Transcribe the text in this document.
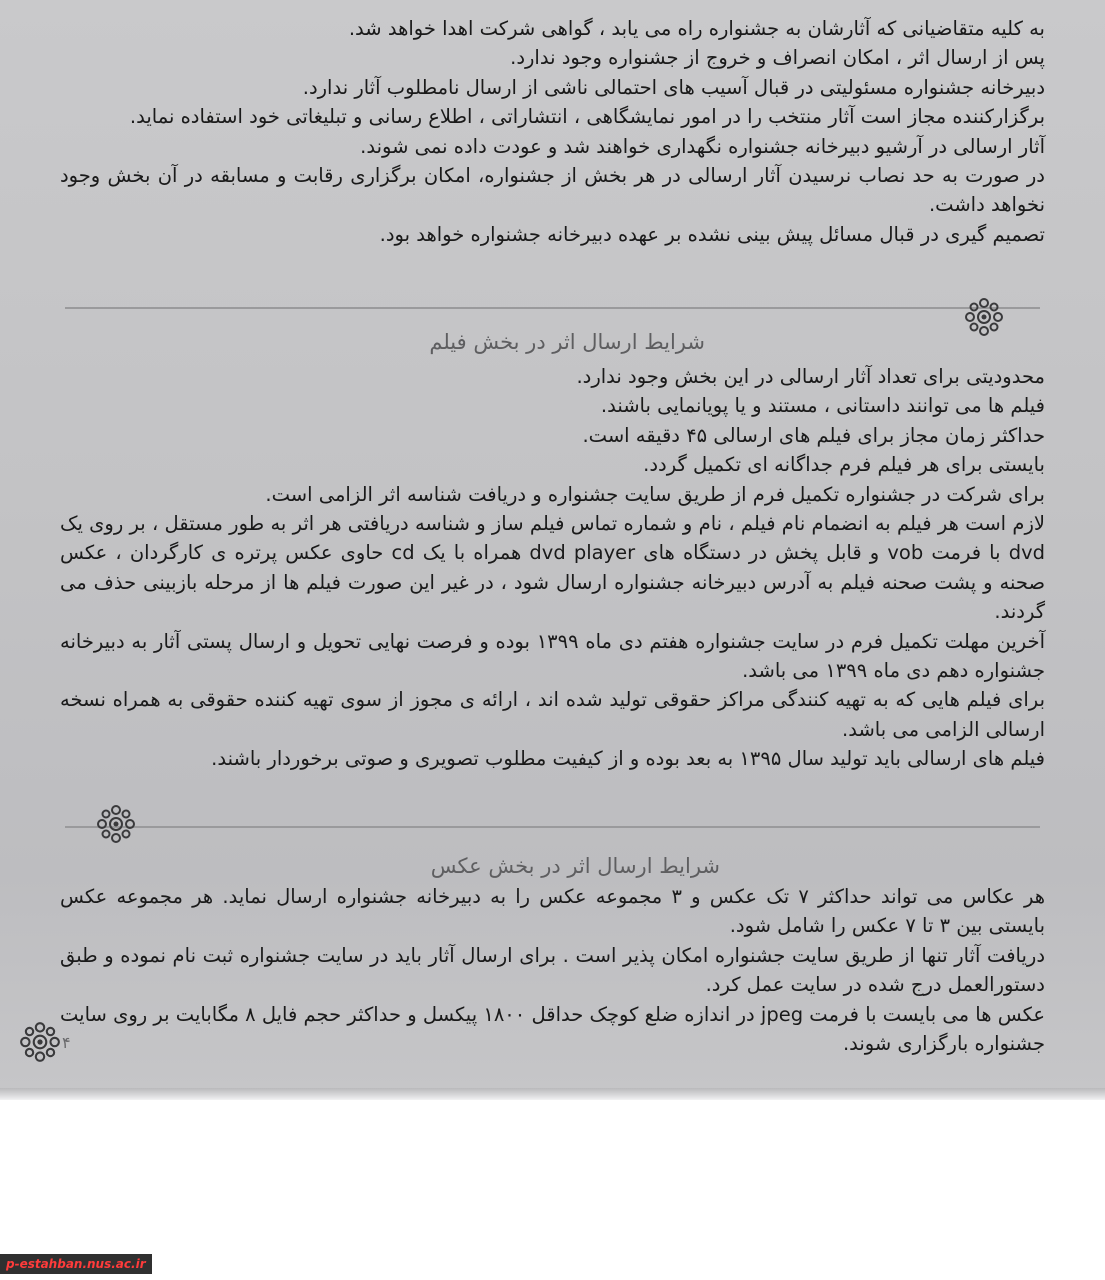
به کلیه متقاضیانی که آثارشان به جشنواره راه می یابد ، گواهی شرکت اهدا خواهد شد.

پس از ارسال اثر ، امکان انصراف و خروج از جشنواره وجود ندارد.

دبیرخانه جشنواره مسئولیتی در قبال آسیب های احتمالی ناشی از ارسال نامطلوب آثار ندارد.

برگزارکننده مجاز است آثار منتخب را در امور نمایشگاهی ، انتشاراتی ، اطلاع رسانی و تبلیغاتی خود استفاده نماید.

آثار ارسالی در آرشیو دبیرخانه جشنواره نگهداری خواهند شد و عودت داده نمی شوند.

در صورت به حد نصاب نرسیدن آثار ارسالی در هر بخش از جشنواره، امکان برگزاری رقابت و مسابقه در آن بخش وجود نخواهد داشت.

تصمیم گیری در قبال مسائل پیش بینی نشده بر عهده دبیرخانه جشنواره خواهد بود.

شرایط ارسال اثر در بخش فیلم

محدودیتی برای تعداد آثار ارسالی در این بخش وجود ندارد.

فیلم ها می توانند داستانی ، مستند و یا پویانمایی باشند.

حداکثر زمان مجاز برای فیلم های ارسالی ۴۵ دقیقه است.

بایستی برای هر فیلم فرم جداگانه ای تکمیل گردد.

برای شرکت در جشنواره تکمیل فرم از طریق سایت جشنواره و دریافت شناسه اثر الزامی است.

لازم است هر فیلم به انضمام نام فیلم ، نام و شماره تماس فیلم ساز و شناسه دریافتی هر اثر به طور مستقل ، بر روی یک dvd با فرمت vob و قابل پخش در دستگاه های dvd player همراه با یک cd حاوی عکس پرتره ی کارگردان ، عکس صحنه و پشت صحنه فیلم به آدرس دبیرخانه جشنواره ارسال شود ، در غیر این صورت فیلم ها از مرحله بازبینی حذف می گردند.

آخرین مهلت تکمیل فرم در سایت جشنواره هفتم دی ماه ۱۳۹۹ بوده و فرصت نهایی تحویل و ارسال پستی آثار به دبیرخانه جشنواره دهم دی ماه ۱۳۹۹ می باشد.

برای فیلم هایی که به تهیه کنندگی مراکز حقوقی تولید شده اند ، ارائه ی مجوز از سوی تهیه کننده حقوقی به همراه نسخه ارسالی الزامی می باشد.

فیلم های ارسالی باید تولید سال ۱۳۹۵ به بعد بوده و از کیفیت مطلوب تصویری و صوتی برخوردار باشند.

شرایط ارسال اثر در بخش عکس

هر عکاس می تواند حداکثر ۷ تک عکس و ۳ مجموعه عکس را به دبیرخانه جشنواره ارسال نماید. هر مجموعه عکس بایستی بین ۳ تا ۷ عکس را شامل شود.

دریافت آثار تنها از طریق سایت جشنواره امکان پذیر است . برای ارسال آثار باید در سایت جشنواره ثبت نام نموده و طبق دستورالعمل درج شده در سایت عمل کرد.

عکس ها می بایست با فرمت jpeg در اندازه ضلع کوچک حداقل ۱۸۰۰ پیکسل و حداکثر حجم فایل ۸ مگابایت بر روی سایت جشنواره بارگزاری شوند.

۴
p-estahban.nus.ac.ir
